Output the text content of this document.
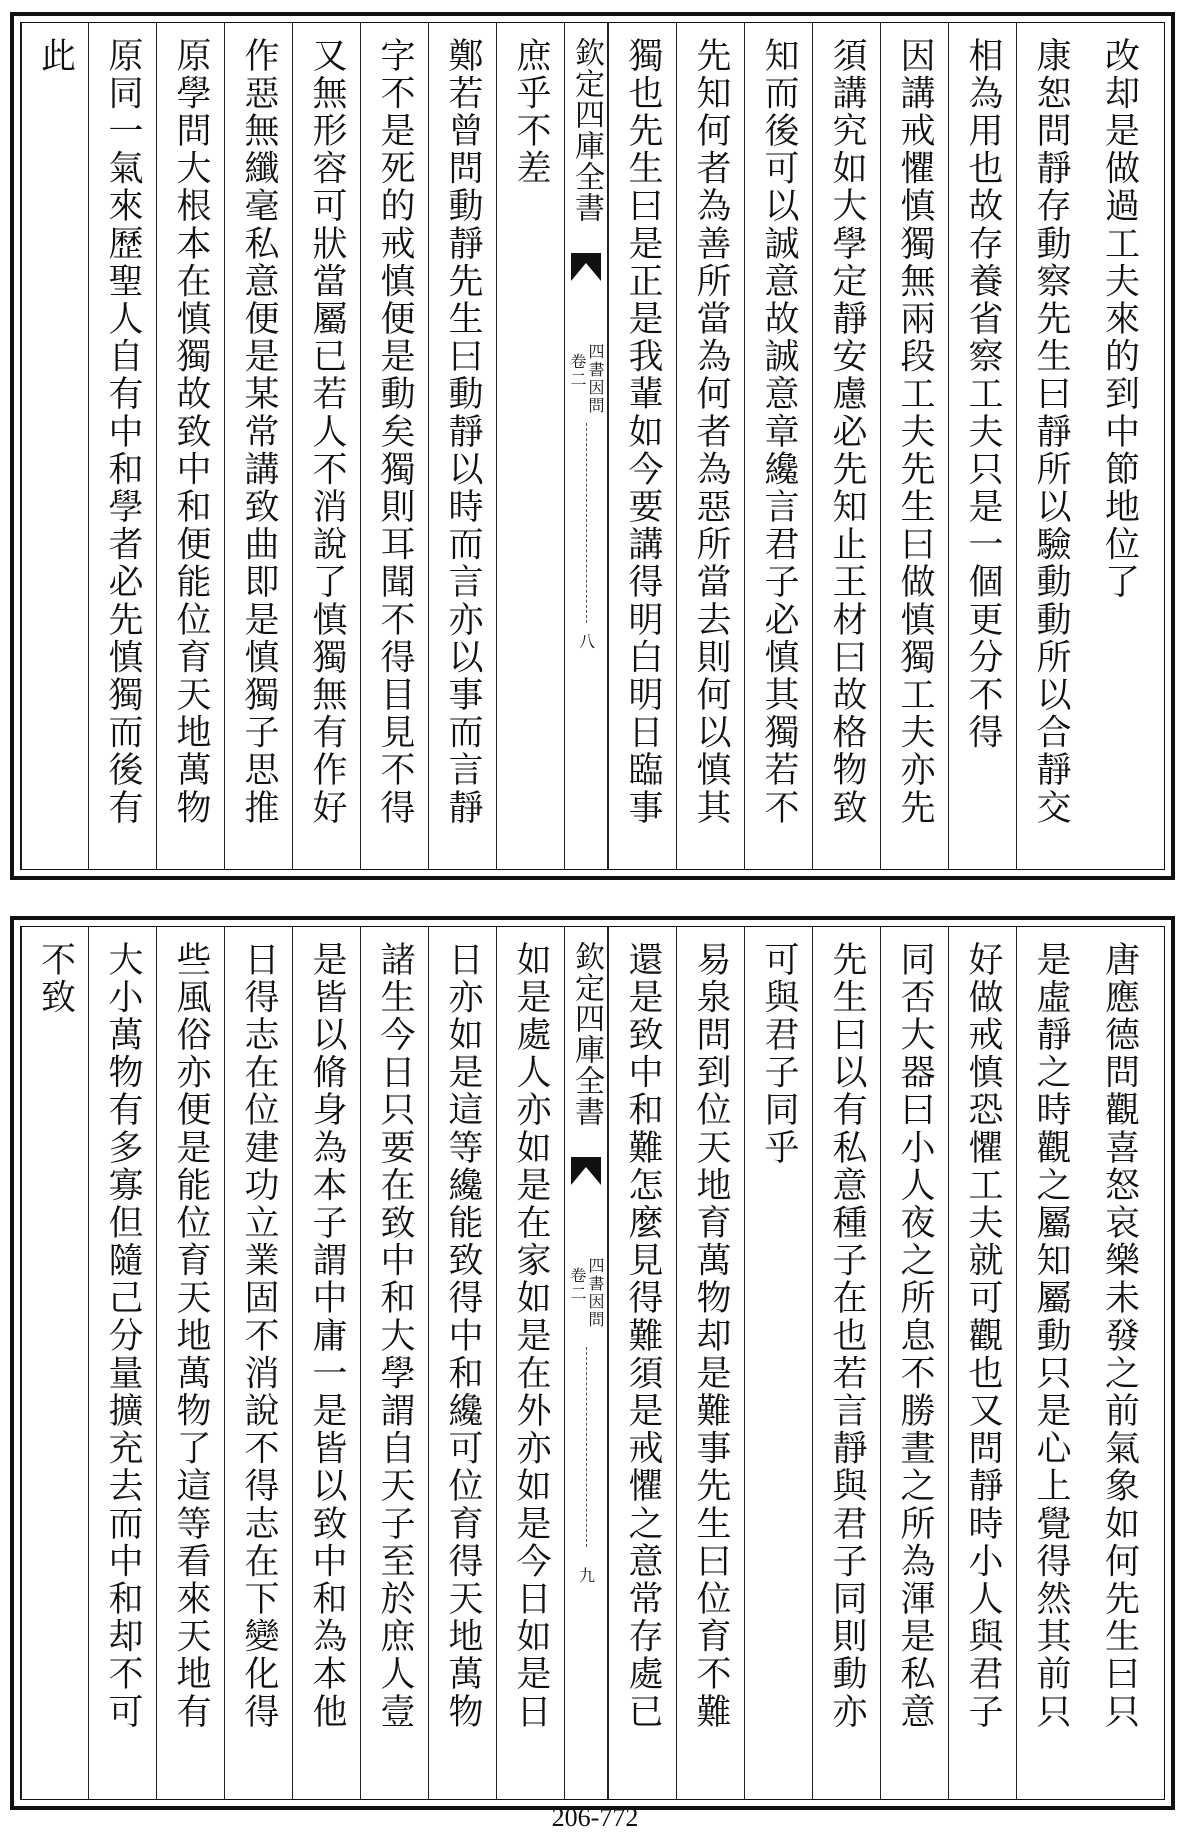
改却是做過工夫來的到中節地位了
康恕問靜存動察先生曰靜所以驗動動所以合靜交
相為用也故存養省察工夫只是一個更分不得
因講戒懼慎獨無兩段工夫先生曰做慎獨工夫亦先
須講究如大學定靜安慮必先知止王材曰故格物致
知而後可以誠意故誠意章纔言君子必慎其獨若不
先知何者為善所當為何者為惡所當去則何以慎其
獨也先生曰是正是我輩如今要講得明白明日臨事
欽定四庫全書
四書因問
卷二
八
庶乎不差
鄭若曾問動靜先生曰動靜以時而言亦以事而言靜
字不是死的戒慎便是動矣獨則耳聞不得目見不得
又無形容可狀當屬已若人不消說了慎獨無有作好
作惡無纖毫私意便是某常講致曲即是慎獨子思推
原學問大根本在慎獨故致中和便能位育天地萬物
原同一氣來歷聖人自有中和學者必先慎獨而後有
此
唐應德問觀喜怒哀樂未發之前氣象如何先生曰只
是虛靜之時觀之屬知屬動只是心上覺得然其前只
好做戒慎恐懼工夫就可觀也又問靜時小人與君子
同否大器曰小人夜之所息不勝晝之所為渾是私意
先生曰以有私意種子在也若言靜與君子同則動亦
可與君子同乎
易泉問到位天地育萬物却是難事先生曰位育不難
還是致中和難怎麼見得難須是戒懼之意常存處已
欽定四庫全書
四書因問
卷二
九
如是處人亦如是在家如是在外亦如是今日如是日
日亦如是這等纔能致得中和纔可位育得天地萬物
諸生今日只要在致中和大學謂自天子至於庶人壹
是皆以脩身為本子謂中庸一是皆以致中和為本他
日得志在位建功立業固不消說不得志在下變化得
些風俗亦便是能位育天地萬物了這等看來天地有
大小萬物有多寡但隨己分量擴充去而中和却不可
不致
206-772
